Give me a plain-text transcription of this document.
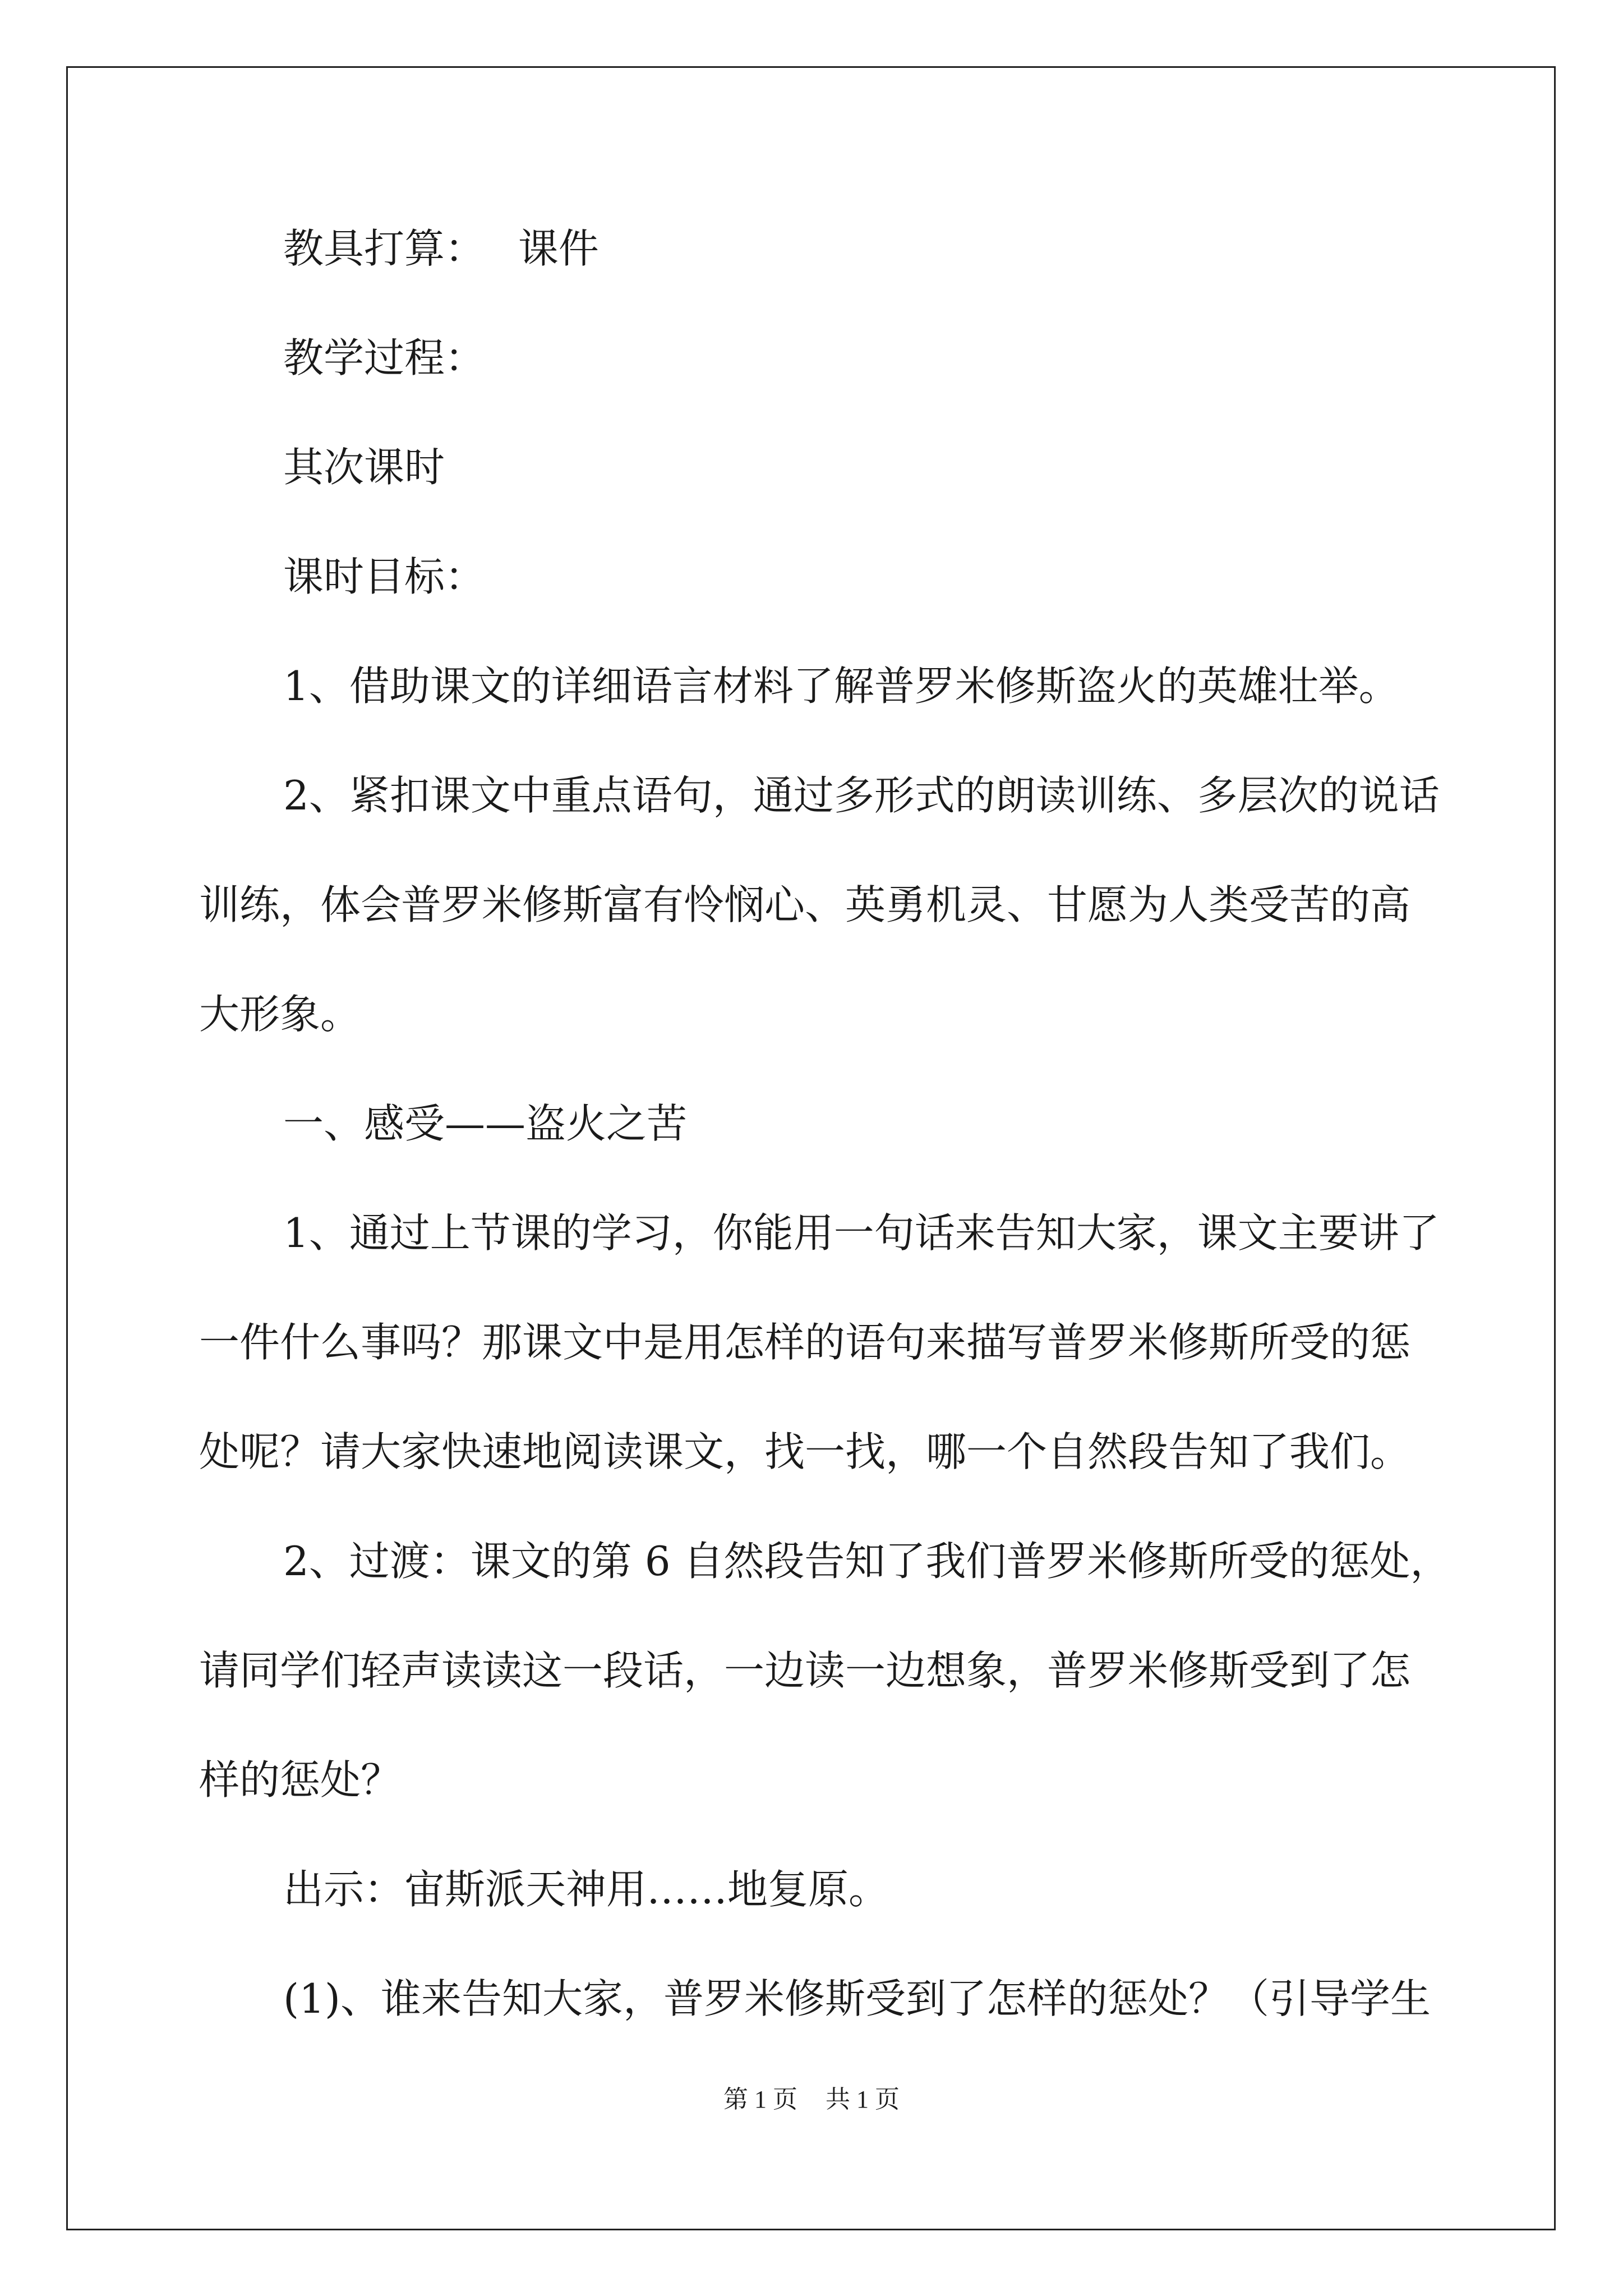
教具打算：　 课件
教学过程：
其次课时
课时目标：
1、借助课文的详细语言材料了解普罗米修斯盗火的英雄壮举。
2、紧扣课文中重点语句，通过多形式的朗读训练、多层次的说话
训练，体会普罗米修斯富有怜悯心、英勇机灵、甘愿为人类受苦的高
大形象。
一、感受——盗火之苦
1、通过上节课的学习，你能用一句话来告知大家，课文主要讲了
一件什么事吗？那课文中是用怎样的语句来描写普罗米修斯所受的惩
处呢？请大家快速地阅读课文，找一找，哪一个自然段告知了我们。
2、过渡：课文的第 6 自然段告知了我们普罗米修斯所受的惩处，
请同学们轻声读读这一段话，一边读一边想象，普罗米修斯受到了怎
样的惩处？
出示：宙斯派天神用……地复原。
(1)、谁来告知大家，普罗米修斯受到了怎样的惩处？（引导学生
第 1 页 共 1 页
